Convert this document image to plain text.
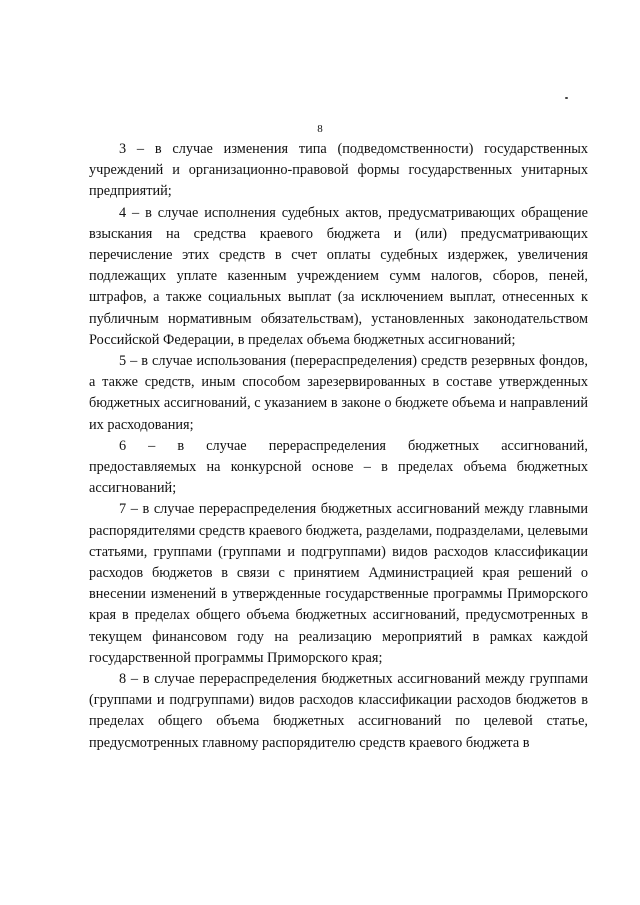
8

3 – в случае изменения типа (подведомственности) государственных учреждений и организационно-правовой формы государственных унитарных предприятий;

4 – в случае исполнения судебных актов, предусматривающих обращение взыскания на средства краевого бюджета и (или) предусматривающих перечисление этих средств в счет оплаты судебных издержек, увеличения подлежащих уплате казенным учреждением сумм налогов, сборов, пеней, штрафов, а также социальных выплат (за исключением выплат, отнесенных к публичным нормативным обязательствам), установленных законодательством Российской Федерации, в пределах объема бюджетных ассигнований;

5 – в случае использования (перераспределения) средств резервных фондов, а также средств, иным способом зарезервированных в составе утвержденных бюджетных ассигнований, с указанием в законе о бюджете объема и направлений их расходования;

6 – в случае перераспределения бюджетных ассигнований, предоставляемых на конкурсной основе – в пределах объема бюджетных ассигнований;

7 – в случае перераспределения бюджетных ассигнований между главными распорядителями средств краевого бюджета, разделами, подразделами, целевыми статьями, группами (группами и подгруппами) видов расходов классификации расходов бюджетов в связи с принятием Администрацией края решений о внесении изменений в утвержденные государственные программы Приморского края в пределах общего объема бюджетных ассигнований, предусмотренных в текущем финансовом году на реализацию мероприятий в рамках каждой государственной программы Приморского края;

8 – в случае перераспределения бюджетных ассигнований между группами (группами и подгруппами) видов расходов классификации расходов бюджетов в пределах общего объема бюджетных ассигнований по целевой статье, предусмотренных главному распорядителю средств краевого бюджета в
